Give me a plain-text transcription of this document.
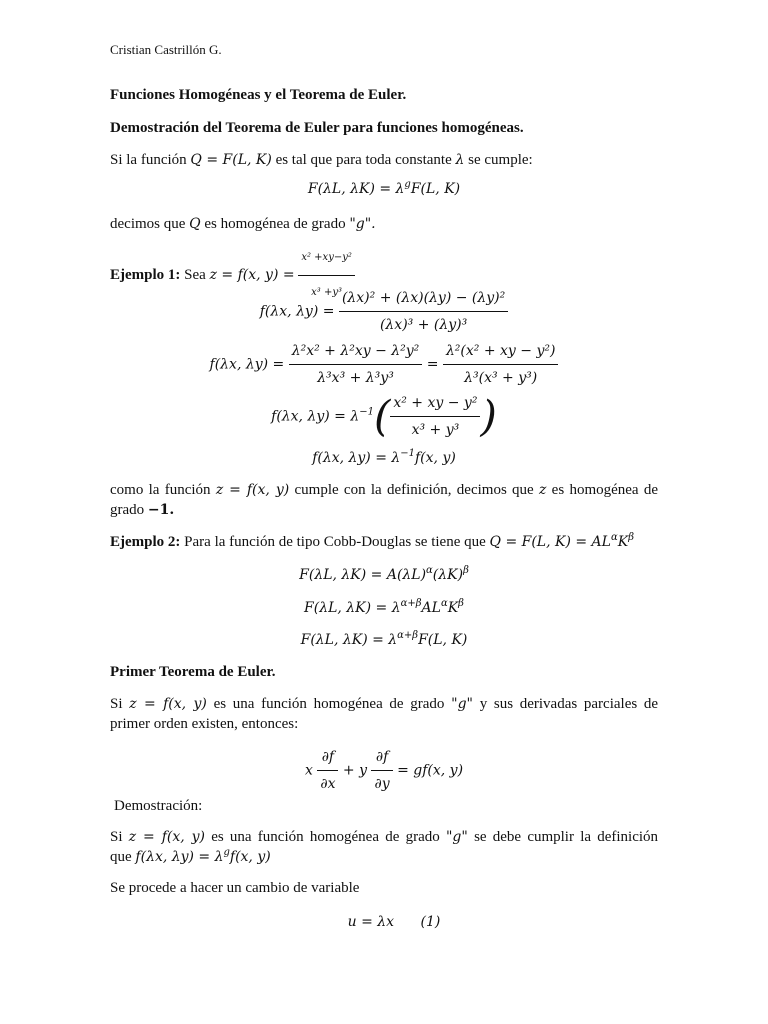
Cristian Castrillón G.
Funciones Homogéneas y el Teorema de Euler.
Demostración del Teorema de Euler para funciones homogéneas.
Si la función Q = F(L, K) es tal que para toda constante λ se cumple:
F(λL, $\lambda K) = \lambda^gF(L$, K)
decimos que Q es homogénea de grado "g".
Ejemplo 1: Sea z = f(x, $y) = \frac{\text{x² +xy−y²}}{\text{x³ +y³}}$
f(λx, $\lambda y) = \frac{\text{(λx)² + (λx)(λy) − (λy)²}}{\text{(λx)³ + (λy)³}}$
f(λx, $\lambda y) = \frac{\text{λ²x² + λ²xy − λ²y²}}{\text{λ³x³ + λ³y³}} = \frac{\text{λ²(x² + xy − y²)}}{\text{λ³(x³ + y³)}}$
f(λx, $\lambda y) = \lambda^{-1}( \frac{\text{x² + xy − y²}}{\text{x³ + y³}}$ )
f(λx, $\lambda y) = \lambda^{-1}f(x$, y)
como la función z = f(x, y) cumple con la definición, decimos que z es homogénea de
grado −1.
Ejemplo 2: Para la función de tipo Cobb-Douglas se tiene que Q = F(L, $K) = AL^\alpha K^\beta$
F(λL, $\lambda K) = A(\lambda L)^\alpha(\lambda K)^\beta$
F(λL, $\lambda K) = \lambda^{\alpha+\beta}AL^\alpha K^\beta$
F(λL, $\lambda K) = \lambda^{\alpha+\beta}F(L$, K)
Primer Teorema de Euler.
Si z = f(x, y) es una función homogénea de grado "g" y sus derivadas parciales de
primer orden existen, entonces:
x $\frac{\partial f}{\partial x} + y \frac{\partial f}{\partial y} = gf(x$, y)
Demostración:
Si z = f(x, y) es una función homogénea de grado "g" se debe cumplir la definición
que f(λx, $\lambda y) = \lambda^gf(x$, y)
Se procede a hacer un cambio de variable
u = λx (1)
